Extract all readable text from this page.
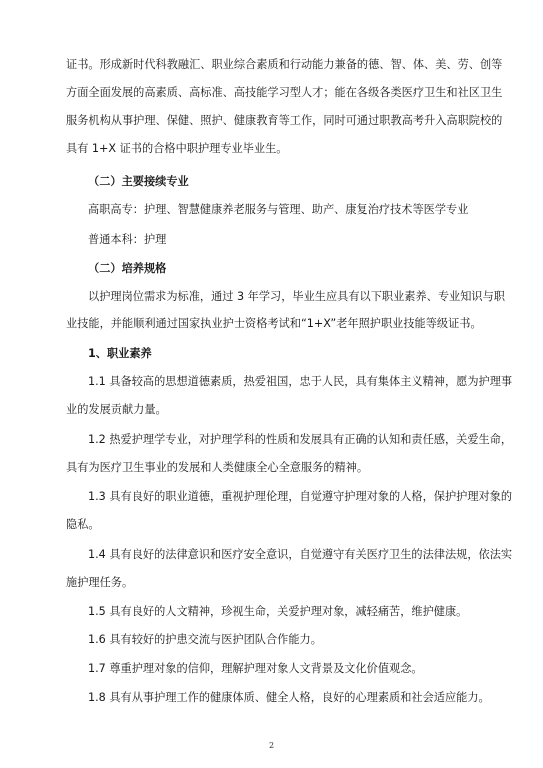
证书。形成新时代科教融汇、职业综合素质和行动能力兼备的德、智、体、美、劳、创等
方面全面发展的高素质、高标准、高技能学习型人才；能在各级各类医疗卫生和社区卫生
服务机构从事护理、保健、照护、健康教育等工作，同时可通过职教高考升入高职院校的
具有 1+X 证书的合格中职护理专业毕业生。
（二）主要接续专业
高职高专：护理、智慧健康养老服务与管理、助产、康复治疗技术等医学专业
普通本科：护理
（二）培养规格
以护理岗位需求为标准，通过 3 年学习，毕业生应具有以下职业素养、专业知识与职
业技能，并能顺利通过国家执业护士资格考试和“1+X”老年照护职业技能等级证书。
1、职业素养
1.1 具备较高的思想道德素质，热爱祖国，忠于人民，具有集体主义精神，愿为护理事
业的发展贡献力量。
1.2 热爱护理学专业，对护理学科的性质和发展具有正确的认知和责任感，关爱生命，
具有为医疗卫生事业的发展和人类健康全心全意服务的精神。
1.3 具有良好的职业道德，重视护理伦理，自觉遵守护理对象的人格，保护护理对象的
隐私。
1.4 具有良好的法律意识和医疗安全意识，自觉遵守有关医疗卫生的法律法规，依法实
施护理任务。
1.5 具有良好的人文精神，珍视生命，关爱护理对象，减轻痛苦，维护健康。
1.6 具有较好的护患交流与医护团队合作能力。
1.7 尊重护理对象的信仰，理解护理对象人文背景及文化价值观念。
1.8 具有从事护理工作的健康体质、健全人格，良好的心理素质和社会适应能力。
2
